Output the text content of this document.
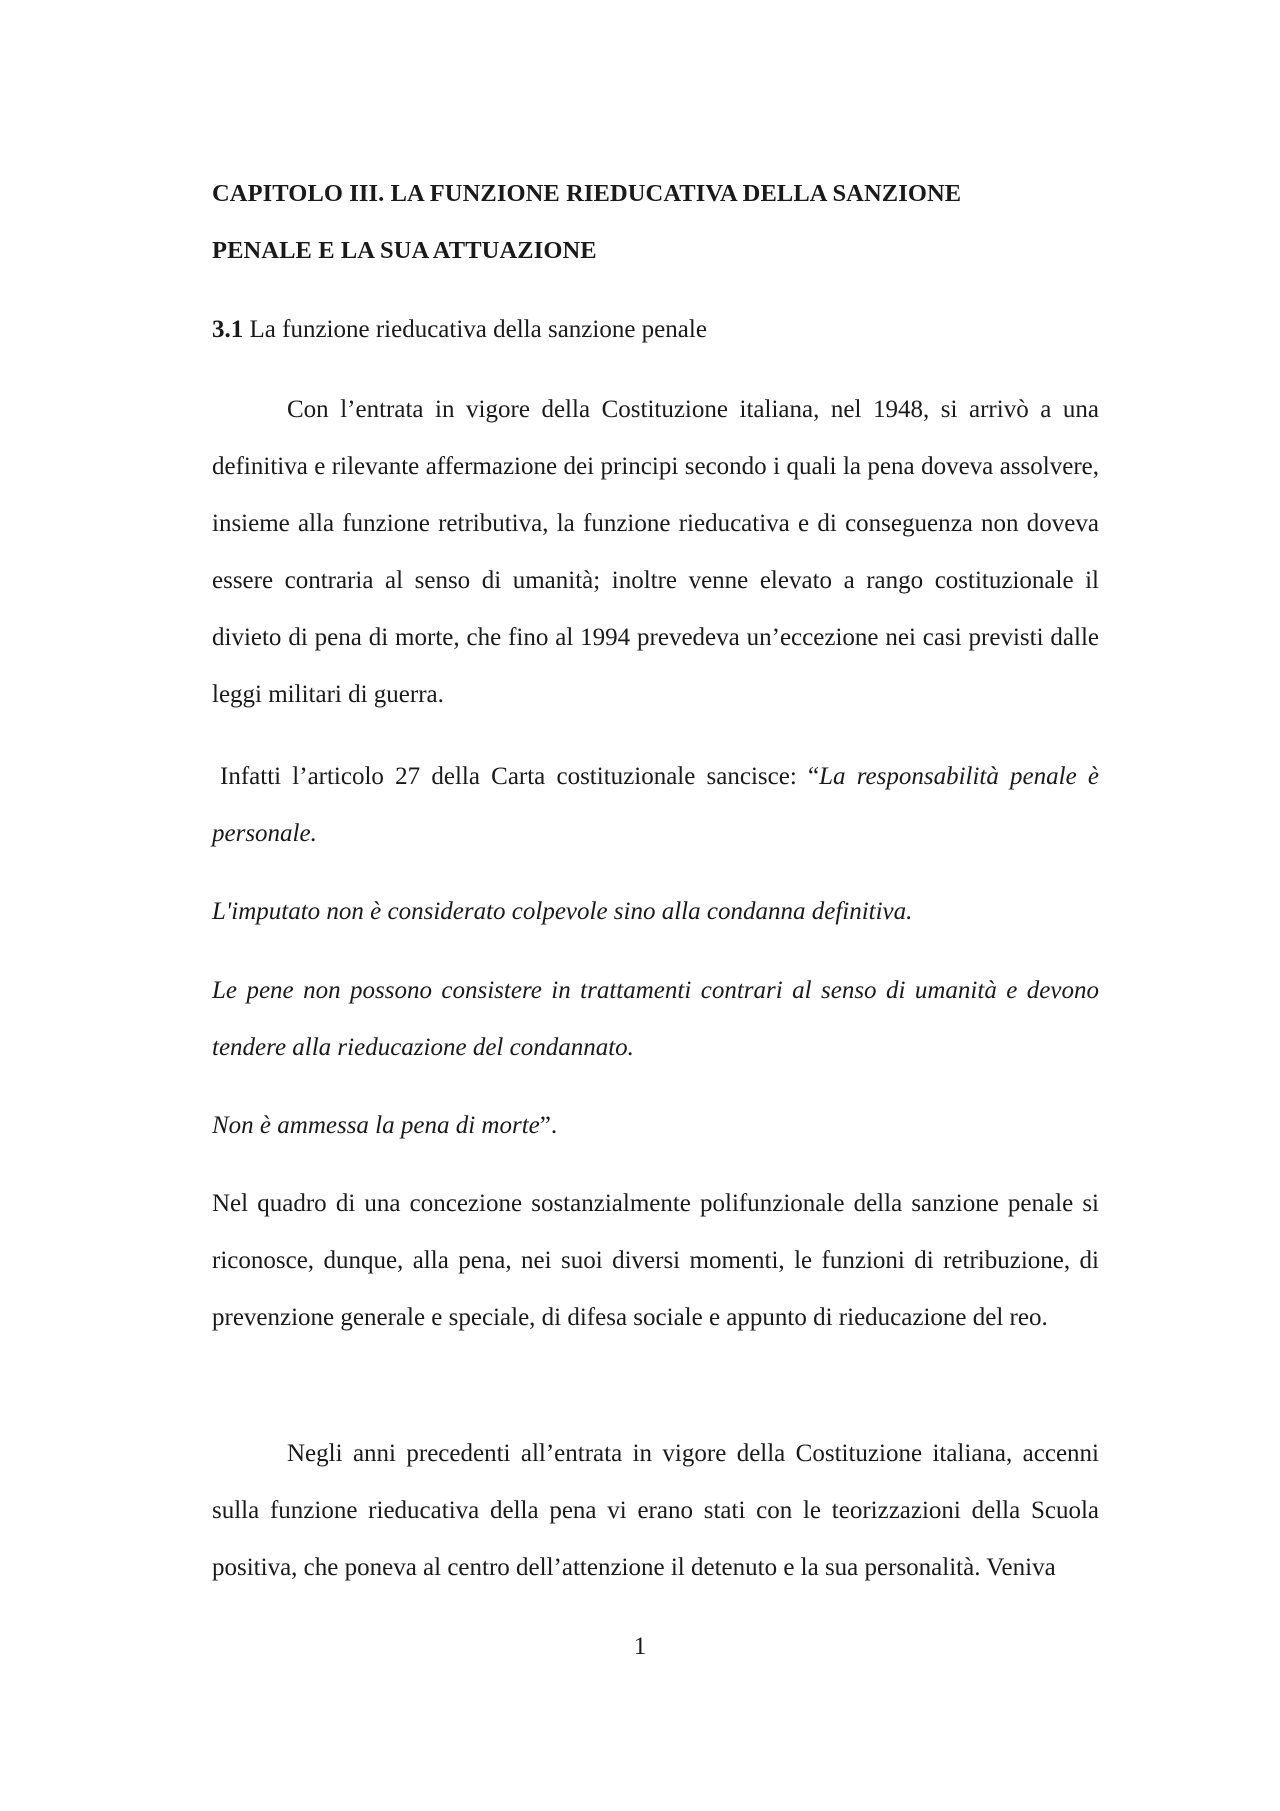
CAPITOLO III. LA FUNZIONE RIEDUCATIVA DELLA SANZIONE
PENALE E LA SUA ATTUAZIONE
3.1 La funzione rieducativa della sanzione penale

Con l’entrata in vigore della Costituzione italiana, nel 1948, si arrivò a una definitiva e rilevante affermazione dei principi secondo i quali la pena doveva assolvere, insieme alla funzione retributiva, la funzione rieducativa e di conseguenza non doveva essere contraria al senso di umanità; inoltre venne elevato a rango costituzionale il divieto di pena di morte, che fino al 1994 prevedeva un’eccezione nei casi previsti dalle leggi militari di guerra.

Infatti l’articolo 27 della Carta costituzionale sancisce: “La responsabilità penale è personale.

L'imputato non è considerato colpevole sino alla condanna definitiva.

Le pene non possono consistere in trattamenti contrari al senso di umanità e devono tendere alla rieducazione del condannato.

Non è ammessa la pena di morte”.

Nel quadro di una concezione sostanzialmente polifunzionale della sanzione penale si riconosce, dunque, alla pena, nei suoi diversi momenti, le funzioni di retribuzione, di prevenzione generale e speciale, di difesa sociale e appunto di rieducazione del reo.

Negli anni precedenti all’entrata in vigore della Costituzione italiana, accenni sulla funzione rieducativa della pena vi erano stati con le teorizzazioni della Scuola positiva, che poneva al centro dell’attenzione il detenuto e la sua personalità. Veniva

1
